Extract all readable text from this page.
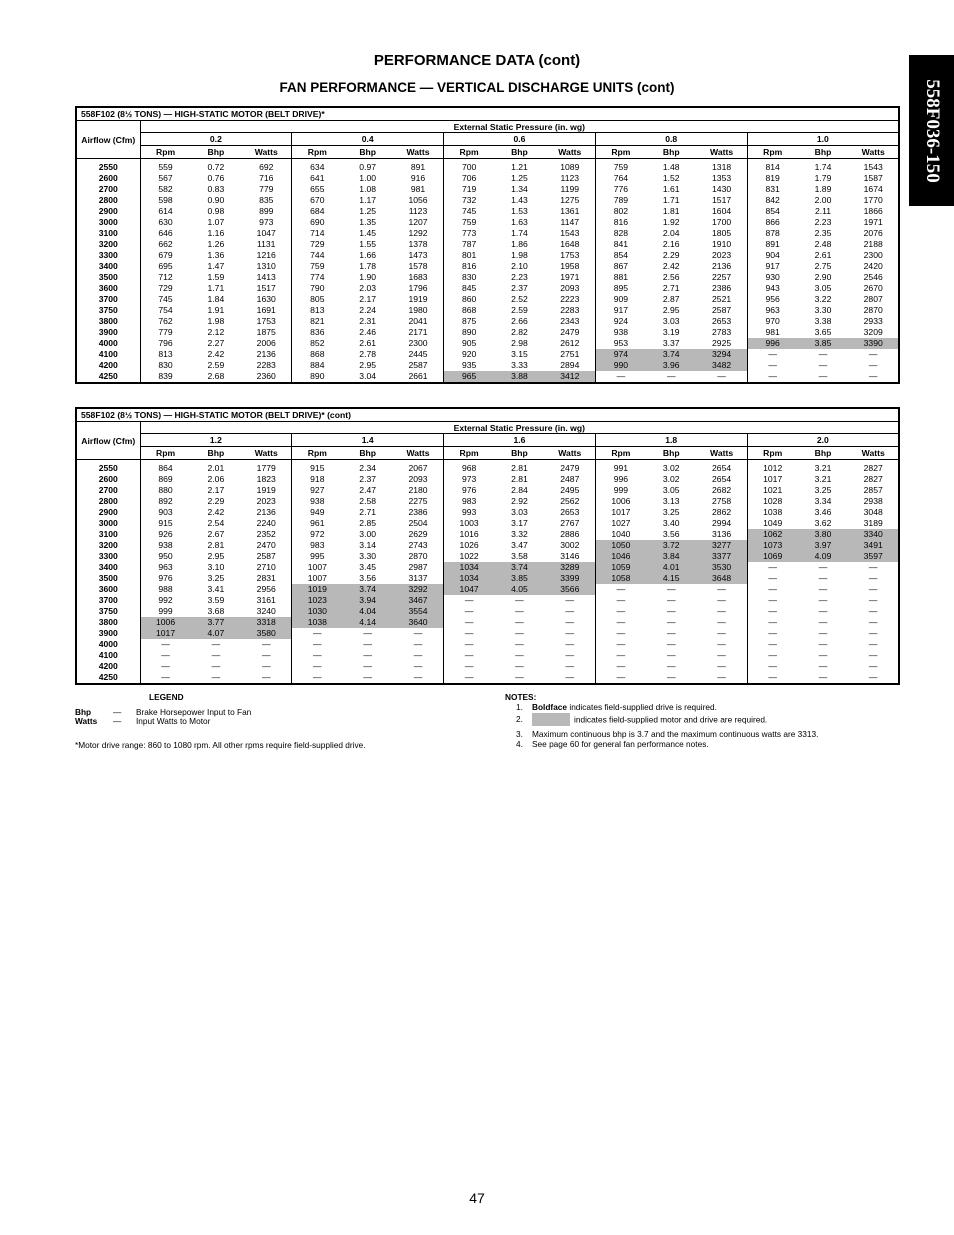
PERFORMANCE DATA (cont)
FAN PERFORMANCE — VERTICAL DISCHARGE UNITS (cont)	558F036-150
558F102 (8½ TONS) — HIGH-STATIC MOTOR (BELT DRIVE)*															
Airflow (Cfm)	External Static Pressure (in. wg)														
	0.2			0.4			0.6			0.8			1.0		
	Rpm	Bhp	Watts	Rpm	Bhp	Watts	Rpm	Bhp	Watts	Rpm	Bhp	Watts	Rpm	Bhp	Watts
2550	559	0.72	692	634	0.97	891	700	1.21	1089	759	1.48	1318	814	1.74	1543
2600	567	0.76	716	641	1.00	916	706	1.25	1123	764	1.52	1353	819	1.79	1587
2700	582	0.83	779	655	1.08	981	719	1.34	1199	776	1.61	1430	831	1.89	1674
2800	598	0.90	835	670	1.17	1056	732	1.43	1275	789	1.71	1517	842	2.00	1770
2900	614	0.98	899	684	1.25	1123	745	1.53	1361	802	1.81	1604	854	2.11	1866
3000	630	1.07	973	690	1.35	1207	759	1.63	1147	816	1.92	1700	866	2.23	1971
3100	646	1.16	1047	714	1.45	1292	773	1.74	1543	828	2.04	1805	878	2.35	2076
3200	662	1.26	1131	729	1.55	1378	787	1.86	1648	841	2.16	1910	891	2.48	2188
3300	679	1.36	1216	744	1.66	1473	801	1.98	1753	854	2.29	2023	904	2.61	2300
3400	695	1.47	1310	759	1.78	1578	816	2.10	1958	867	2.42	2136	917	2.75	2420
3500	712	1.59	1413	774	1.90	1683	830	2.23	1971	881	2.56	2257	930	2.90	2546
3600	729	1.71	1517	790	2.03	1796	845	2.37	2093	895	2.71	2386	943	3.05	2670
3700	745	1.84	1630	805	2.17	1919	860	2.52	2223	909	2.87	2521	956	3.22	2807
3750	754	1.91	1691	813	2.24	1980	868	2.59	2283	917	2.95	2587	963	3.30	2870
3800	762	1.98	1753	821	2.31	2041	875	2.66	2343	924	3.03	2653	970	3.38	2933
3900	779	2.12	1875	836	2.46	2171	890	2.82	2479	938	3.19	2783	981	3.65	3209
4000	796	2.27	2006	852	2.61	2300	905	2.98	2612	953	3.37	2925	996	3.85	3390
4100	813	2.42	2136	868	2.78	2445	920	3.15	2751	974	3.74	3294	—	—	—
4200	830	2.59	2283	884	2.95	2587	935	3.33	2894	990	3.96	3482	—	—	—
4250	839	2.68	2360	890	3.04	2661	965	3.88	3412	—	—	—	—	—	—
558F102 (8½ TONS) — HIGH-STATIC MOTOR (BELT DRIVE)* (cont)															
Airflow (Cfm)	External Static Pressure (in. wg)														
	1.2			1.4			1.6			1.8			2.0		
	Rpm	Bhp	Watts	Rpm	Bhp	Watts	Rpm	Bhp	Watts	Rpm	Bhp	Watts	Rpm	Bhp	Watts
2550	864	2.01	1779	915	2.34	2067	968	2.81	2479	991	3.02	2654	1012	3.21	2827
2600	869	2.06	1823	918	2.37	2093	973	2.81	2487	996	3.02	2654	1017	3.21	2827
2700	880	2.17	1919	927	2.47	2180	976	2.84	2495	999	3.05	2682	1021	3.25	2857
2800	892	2.29	2023	938	2.58	2275	983	2.92	2562	1006	3.13	2758	1028	3.34	2938
2900	903	2.42	2136	949	2.71	2386	993	3.03	2653	1017	3.25	2862	1038	3.46	3048
3000	915	2.54	2240	961	2.85	2504	1003	3.17	2767	1027	3.40	2994	1049	3.62	3189
3100	926	2.67	2352	972	3.00	2629	1016	3.32	2886	1040	3.56	3136	1062	3.80	3340
3200	938	2.81	2470	983	3.14	2743	1026	3.47	3002	1050	3.72	3277	1073	3.97	3491
3300	950	2.95	2587	995	3.30	2870	1022	3.58	3146	1046	3.84	3377	1069	4.09	3597
3400	963	3.10	2710	1007	3.45	2987	1034	3.74	3289	1059	4.01	3530	—	—	—
3500	976	3.25	2831	1007	3.56	3137	1034	3.85	3399	1058	4.15	3648	—	—	—
3600	988	3.41	2956	1019	3.74	3292	1047	4.05	3566	—	—	—	—	—	—
3700	992	3.59	3161	1023	3.94	3467	—	—	—	—	—	—	—	—	—
3750	999	3.68	3240	1030	4.04	3554	—	—	—	—	—	—	—	—	—
3800	1006	3.77	3318	1038	4.14	3640	—	—	—	—	—	—	—	—	—
3900	1017	4.07	3580	—	—	—	—	—	—	—	—	—	—	—	—
4000	—	—	—	—	—	—	—	—	—	—	—	—	—	—	—
4100	—	—	—	—	—	—	—	—	—	—	—	—	—	—	—
4200	—	—	—	—	—	—	—	—	—	—	—	—	—	—	—
4250	—	—	—	—	—	—	—	—	—	—	—	—	—	—	—
LEGEND
Bhp	— Brake Horsepower Input to Fan
Watts — Input Watts to Motor
*Motor drive range: 860 to 1080 rpm. All other rpms require field-supplied drive.
NOTES:
1. Boldface indicates field-supplied drive is required.
2.	indicates field-supplied motor and drive are required.
3. Maximum continuous bhp is 3.7 and the maximum continuous watts are 3313.
4. See page 60 for general fan performance notes.
47
